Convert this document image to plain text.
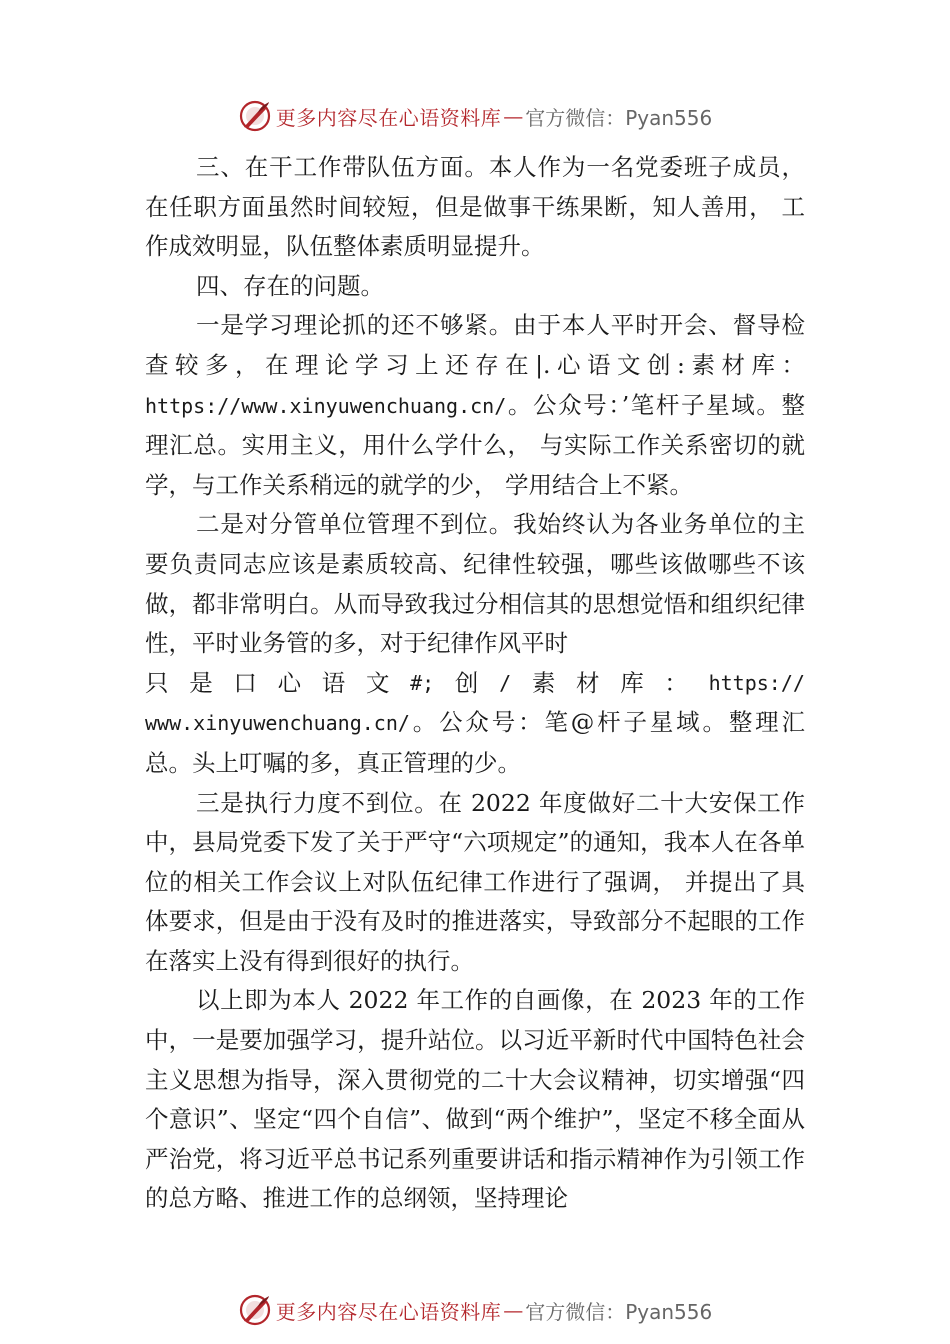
更多内容尽在心语资料库 — 官方微信：Pyan556

三、在干工作带队伍方面。本人作为一名党委班子成员，在任职方面虽然时间较短，但是做事干练果断，知人善用， 工作成效明显，队伍整体素质明显提升。

四、存在的问题。

一是学习理论抓的还不够紧。由于本人平时开会、督导检查较多，在理论学习上还存在|.心语文创:素材库：https://www.xinyuwenchuang.cn/。公众号：’笔杆子星域。整理汇总。实用主义，用什么学什么， 与实际工作关系密切的就学，与工作关系稍远的就学的少， 学用结合上不紧。

二是对分管单位管理不到位。我始终认为各业务单位的主要负责同志应该是素质较高、纪律性较强，哪些该做哪些不该做，都非常明白。从而导致我过分相信其的思想觉悟和组织纪律性，平时业务管的多，对于纪律作风平时

只 是 口 心 语 文 #; 创 / 素 材 库 ： https://

www.xinyuwenchuang.cn/。公众号：笔@杆子星域。整理汇总。头上叮嘱的多，真正管理的少。

三是执行力度不到位。在 2022 年度做好二十大安保工作中，县局党委下发了关于严守“六项规定”的通知，我本人在各单位的相关工作会议上对队伍纪律工作进行了强调， 并提出了具体要求，但是由于没有及时的推进落实，导致部分不起眼的工作在落实上没有得到很好的执行。

以上即为本人 2022 年工作的自画像，在 2023 年的工作中，一是要加强学习，提升站位。以习近平新时代中国特色社会主义思想为指导，深入贯彻党的二十大会议精神，切实增强“四个意识”、坚定“四个自信”、做到“两个维护”，坚定不移全面从严治党，将习近平总书记系列重要讲话和指示精神作为引领工作的总方略、推进工作的总纲领，坚持理论

更多内容尽在心语资料库 — 官方微信：Pyan556
